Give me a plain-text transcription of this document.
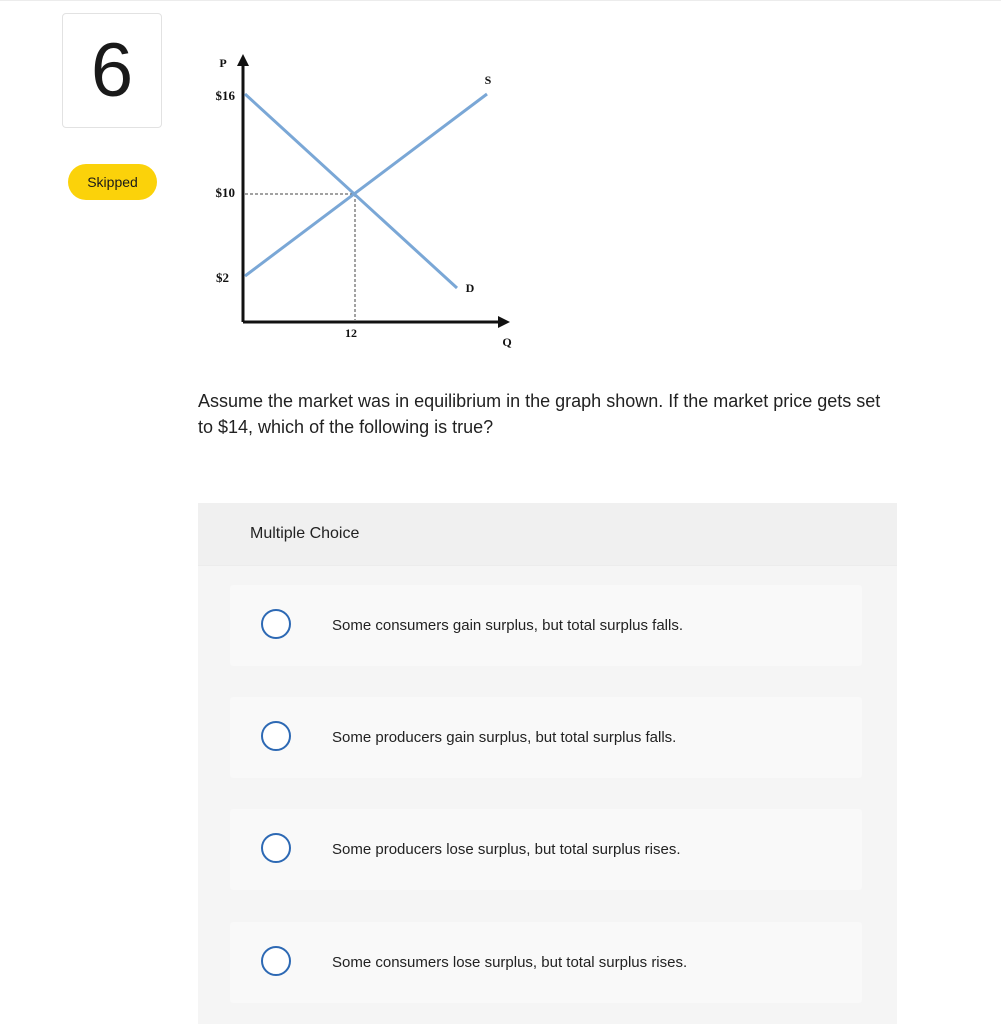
6
Skipped
P
$16
$10
$2
12
S
D
Q
Assume the market was in equilibrium in the graph shown. If the market price gets set to $14, which of the following is true?
Multiple Choice
Some consumers gain surplus, but total surplus falls.
Some producers gain surplus, but total surplus falls.
Some producers lose surplus, but total surplus rises.
Some consumers lose surplus, but total surplus rises.
